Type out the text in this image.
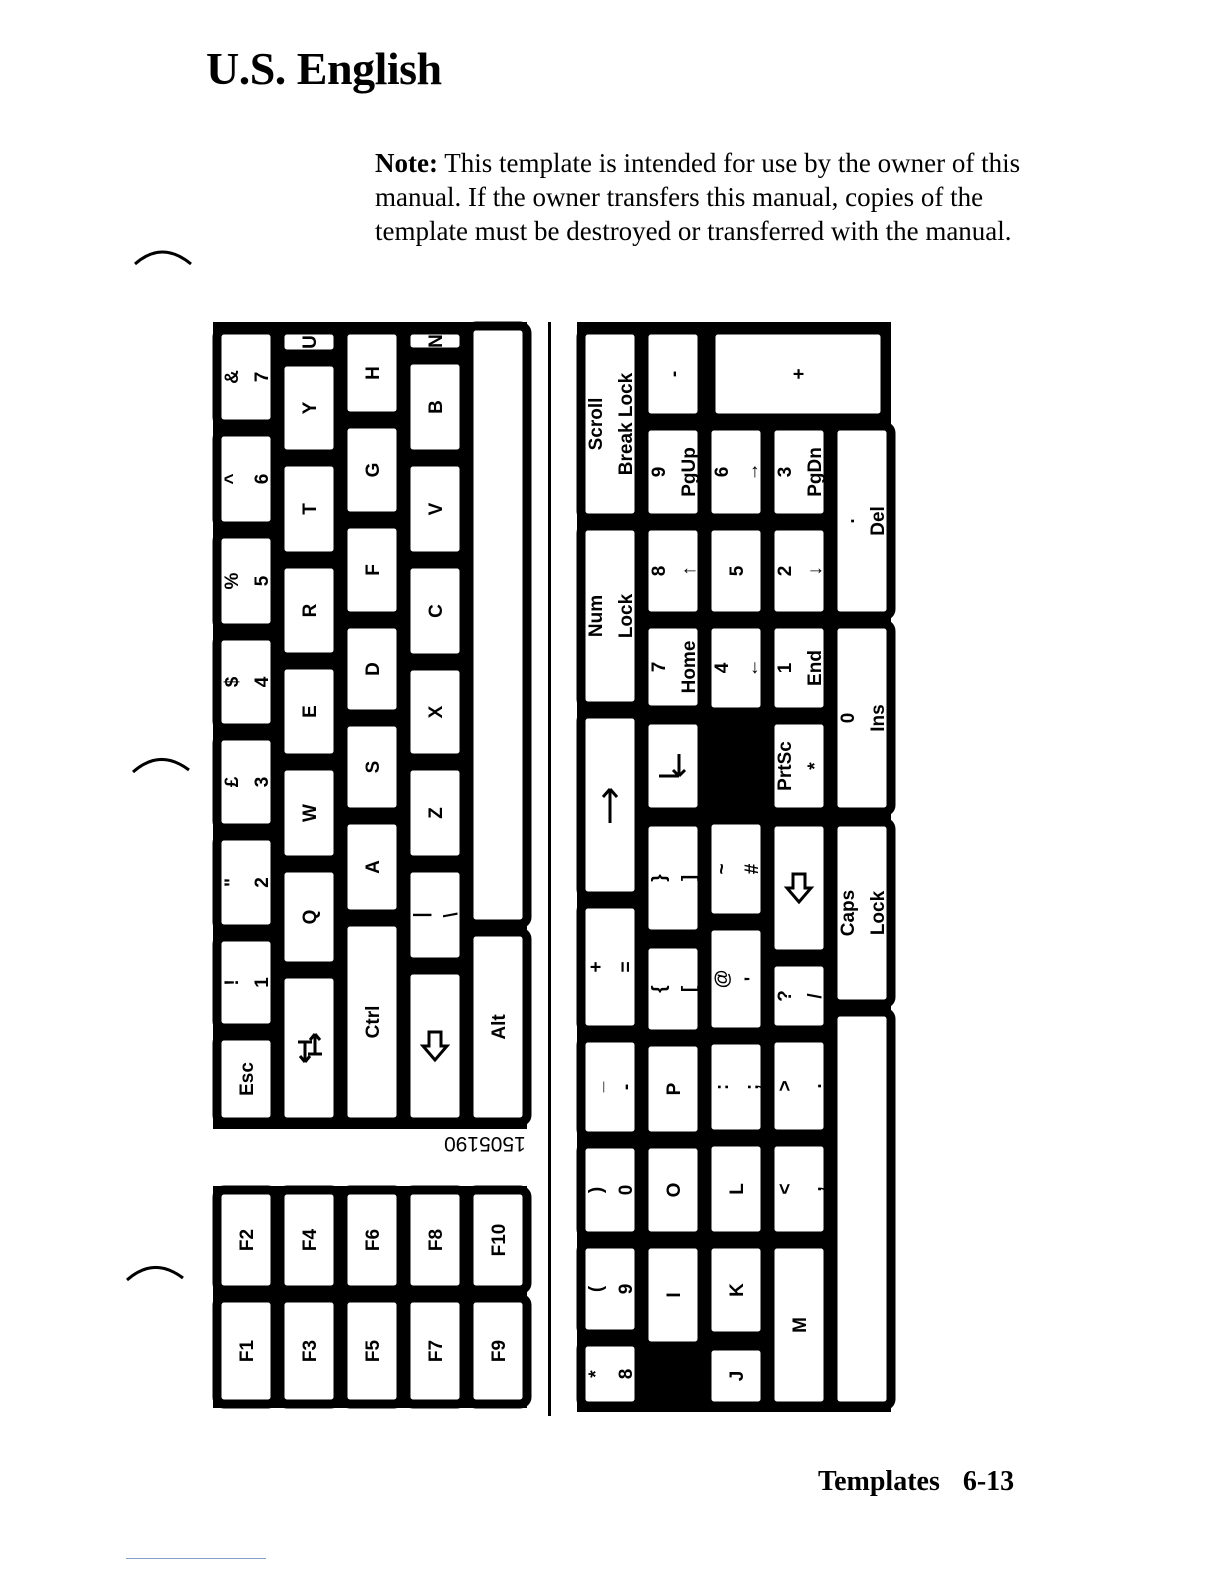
U.S. English
Note: This template is intended for use by the owner of this manual. If the owner transfers this manual, copies of the template must be destroyed or transferred with the manual.
Esc
! 1
" 2
£ 3
$ 4
% 5
^ 6
& 7
Q
W
E
R
T
Y
U
Ctrl
A
S
D
F
G
H
| \
Z
X
C
V
B
N
Alt
F2
F1
F4
F3
F6
F5
F8
F7
F10
F9
Scroll Break Lock
Num Lock
+ =
_ -
) 0
( 9
* 8
-
9 PgUp
8 ↑
7 Home
} ]
{ [
P
O
I
6 →
5
4 ←
~ #
@ '
: ;
L
K
J
3 PgDn
2 ↓
1 End
PrtSc *
? /
> .
< ,
M
+
. Del
0 Ins
Caps Lock
1505190
Templates 6-13
